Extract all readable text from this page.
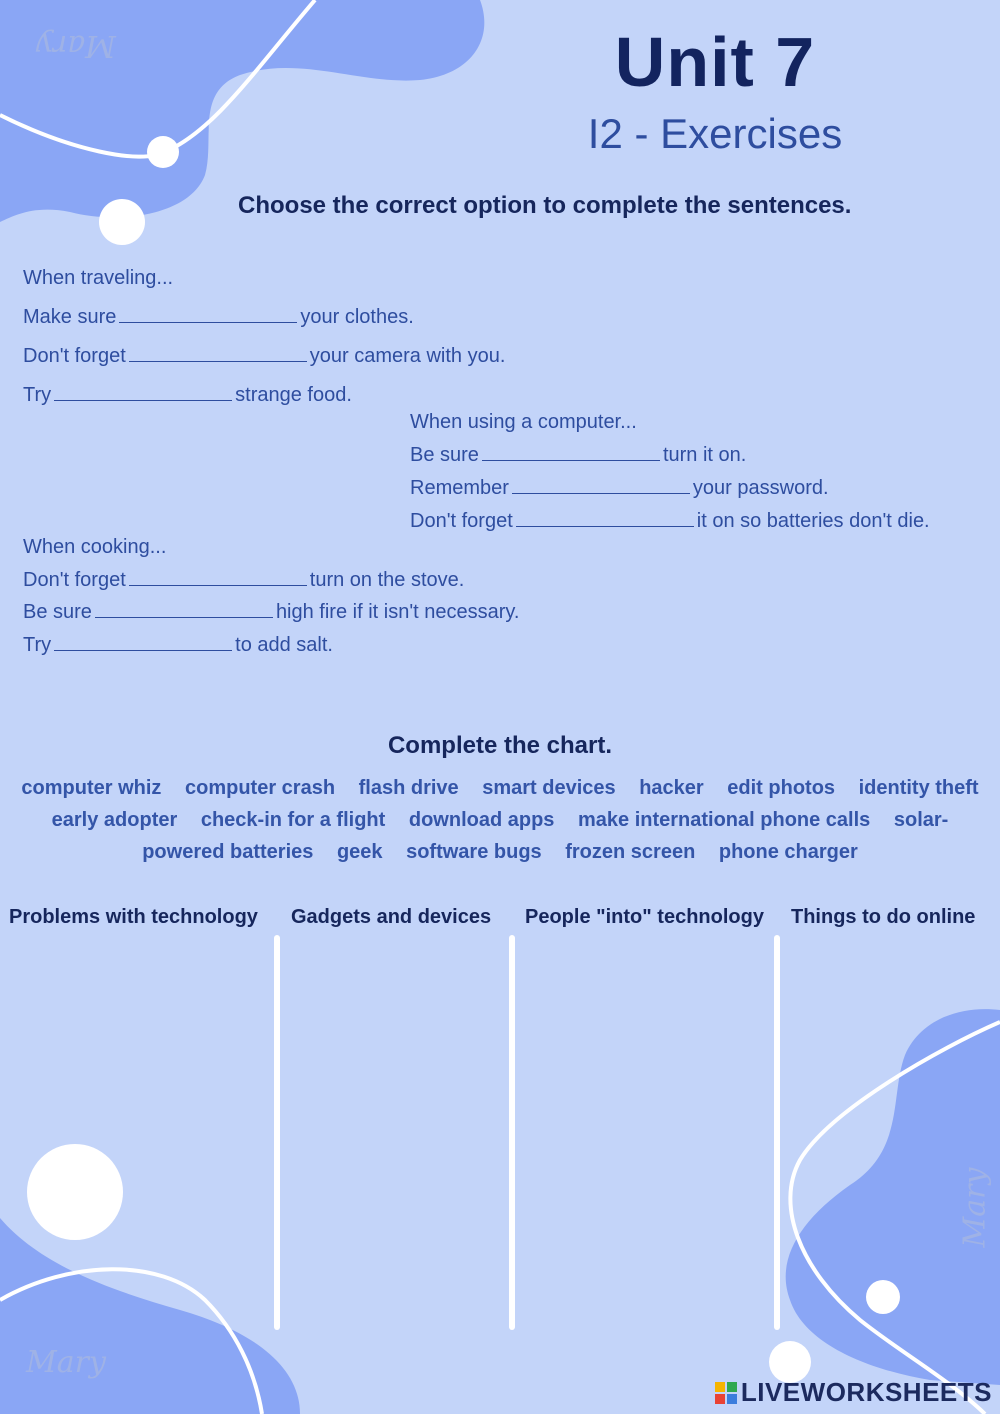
Mary
Mary
Mary
Unit 7
I2 - Exercises
Choose the correct option to complete the sentences.
When traveling...
Make sure	your clothes.
Don't forget	your camera with you.
Try	strange food.
When using a computer...
Be sure	turn it on.
Remember	your password.
Don't forget	it on so batteries don't die.
When cooking...
Don't forget	turn on the stove.
Be sure	high fire if it isn't necessary.
Try	to add salt.
Complete the chart.
computer whiz computer crash flash drive smart devices hacker edit photos identity theft
early adopter check-in for a flight download apps make international phone calls solar-
powered batteries geek software bugs frozen screen phone charger
Problems with technology Gadgets and devices People "into" technology Things to do online
LIVEWORKSHEETS
